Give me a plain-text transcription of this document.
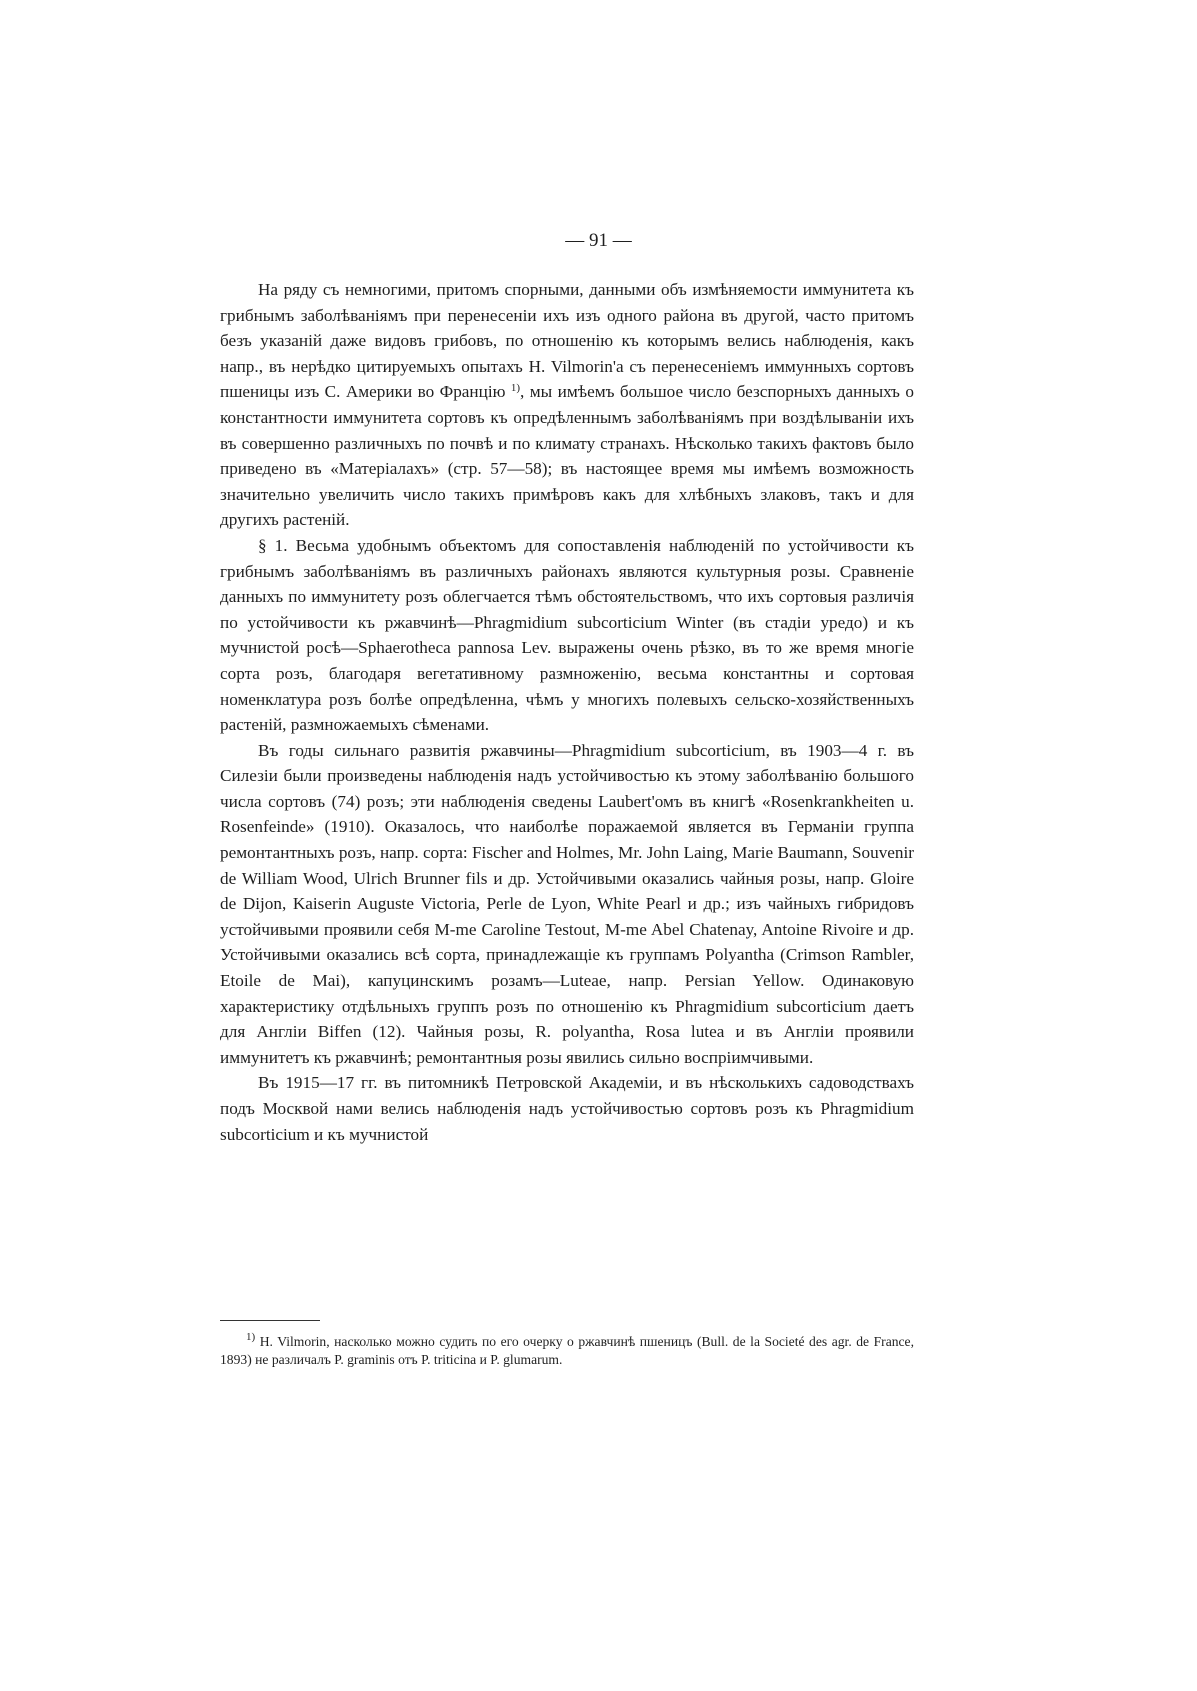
— 91 —

На ряду съ немногими, притомъ спорными, данными объ измѣняемости иммунитета къ грибнымъ заболѣваніямъ при перенесеніи ихъ изъ одного района въ другой, часто притомъ безъ указаній даже видовъ грибовъ, по отношенію къ которымъ велись наблюденія, какъ напр., въ нерѣдко цитируемыхъ опытахъ H. Vilmorin'а съ перенесеніемъ иммунныхъ сортовъ пшеницы изъ С. Америки во Францію $^{1)}$, мы имѣемъ большое число безспорныхъ данныхъ о константности иммунитета сортовъ къ опредѣленнымъ заболѣваніямъ при воздѣлываніи ихъ въ совершенно различныхъ по почвѣ и по климату странахъ. Нѣсколько такихъ фактовъ было приведено въ «Матеріалахъ» (стр. 57—58); въ настоящее время мы имѣемъ возможность значительно увеличить число такихъ примѣровъ какъ для хлѣбныхъ злаковъ, такъ и для другихъ растеній.

§ 1. Весьма удобнымъ объектомъ для сопоставленія наблюденій по устойчивости къ грибнымъ заболѣваніямъ въ различныхъ районахъ являются культурныя розы. Сравненіе данныхъ по иммунитету розъ облегчается тѣмъ обстоятельствомъ, что ихъ сортовыя различія по устойчивости къ ржавчинѣ—Phragmidium subcorticium Winter (въ стадіи уредо) и къ мучнистой росѣ—Sphaerotheca pannosa Lev. выражены очень рѣзко, въ то же время многіе сорта розъ, благодаря вегетативному размноженію, весьма константны и сортовая номенклатура розъ болѣе опредѣленна, чѣмъ у многихъ полевыхъ сельско-хозяйственныхъ растеній, размножаемыхъ сѣменами.

Въ годы сильнаго развитія ржавчины—Phragmidium subcorticium, въ 1903—4 г. въ Силезіи были произведены наблюденія надъ устойчивостью къ этому заболѣванію большого числа сортовъ (74) розъ; эти наблюденія сведены Laubert'омъ въ книгѣ «Rosenkrankheiten u. Rosenfeinde» (1910). Оказалось, что наиболѣе поражаемой является въ Германіи группа ремонтантныхъ розъ, напр. сорта: Fischer and Holmes, Mr. John Laing, Marie Baumann, Souvenir de William Wood, Ulrich Brunner fils и др. Устойчивыми оказались чайныя розы, напр. Gloire de Dijon, Kaiserin Auguste Victoria, Perle de Lyon, White Pearl и др.; изъ чайныхъ гибридовъ устойчивыми проявили себя M-me Caroline Testout, M-me Abel Chatenay, Antoine Rivoire и др. Устойчивыми оказались всѣ сорта, принадлежащіе къ группамъ Polyantha (Crimson Rambler, Etoile de Mai), капуцинскимъ розамъ—Luteae, напр. Persian Yellow. Одинаковую характеристику отдѣльныхъ группъ розъ по отношенію къ Phragmidium subcorticium даетъ для Англіи Biffen (12). Чайныя розы, R. polyantha, Rosa lutea и въ Англіи проявили иммунитетъ къ ржавчинѣ; ремонтантныя розы явились сильно воспріимчивыми.

Въ 1915—17 гг. въ питомникѣ Петровской Академіи, и въ нѣсколькихъ садоводствахъ подъ Москвой нами велись наблюденія надъ устойчивостью сортовъ розъ къ Phragmidium subcorticium и къ мучнистой

$^{1)}$ H. Vilmorin, насколько можно судить по его очерку о ржавчинѣ пшеницъ (Bull. de la Societé des agr. de France, 1893) не различалъ P. graminis отъ P. triticina и P. glumarum.
